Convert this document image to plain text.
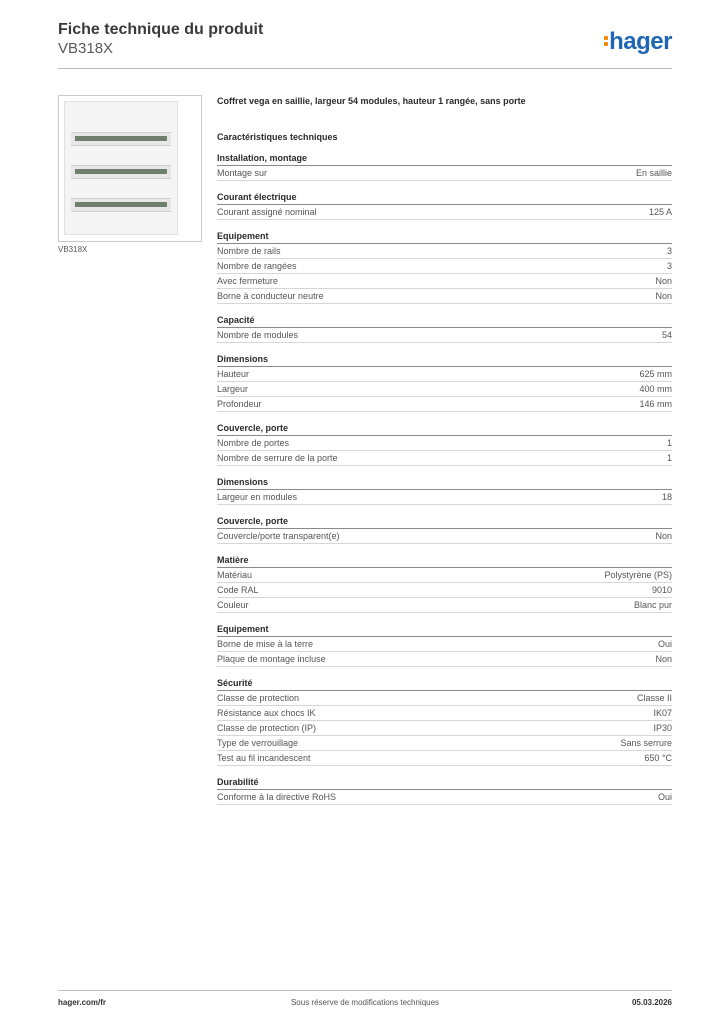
Fiche technique du produit
VB318X	hager
VB318X
Coffret vega en saillie, largeur 54 modules, hauteur 1 rangée, sans porte
Caractéristiques techniques
Installation, montage
Montage sur	En saillie
Courant électrique
Courant assigné nominal	125 A
Equipement
Nombre de rails	3
Nombre de rangées	3
Avec fermeture	Non
Borne à conducteur neutre	Non
Capacité
Nombre de modules	54
Dimensions
Hauteur	625 mm
Largeur	400 mm
Profondeur	146 mm
Couvercle, porte
Nombre de portes	1
Nombre de serrure de la porte	1
Dimensions
Largeur en modules	18
Couvercle, porte
Couvercle/porte transparent(e)	Non
Matière
Matériau	Polystyrène (PS)
Code RAL	9010
Couleur	Blanc pur
Equipement
Borne de mise à la terre	Oui
Plaque de montage incluse	Non
Sécurité
Classe de protection	Classe II
Résistance aux chocs IK	IK07
Classe de protection (IP)	IP30
Type de verrouillage	Sans serrure
Test au fil incandescent	650 °C
Durabilité
Conforme à la directive RoHS	Oui
hager.com/fr	Sous réserve de modifications techniques	05.03.2026
